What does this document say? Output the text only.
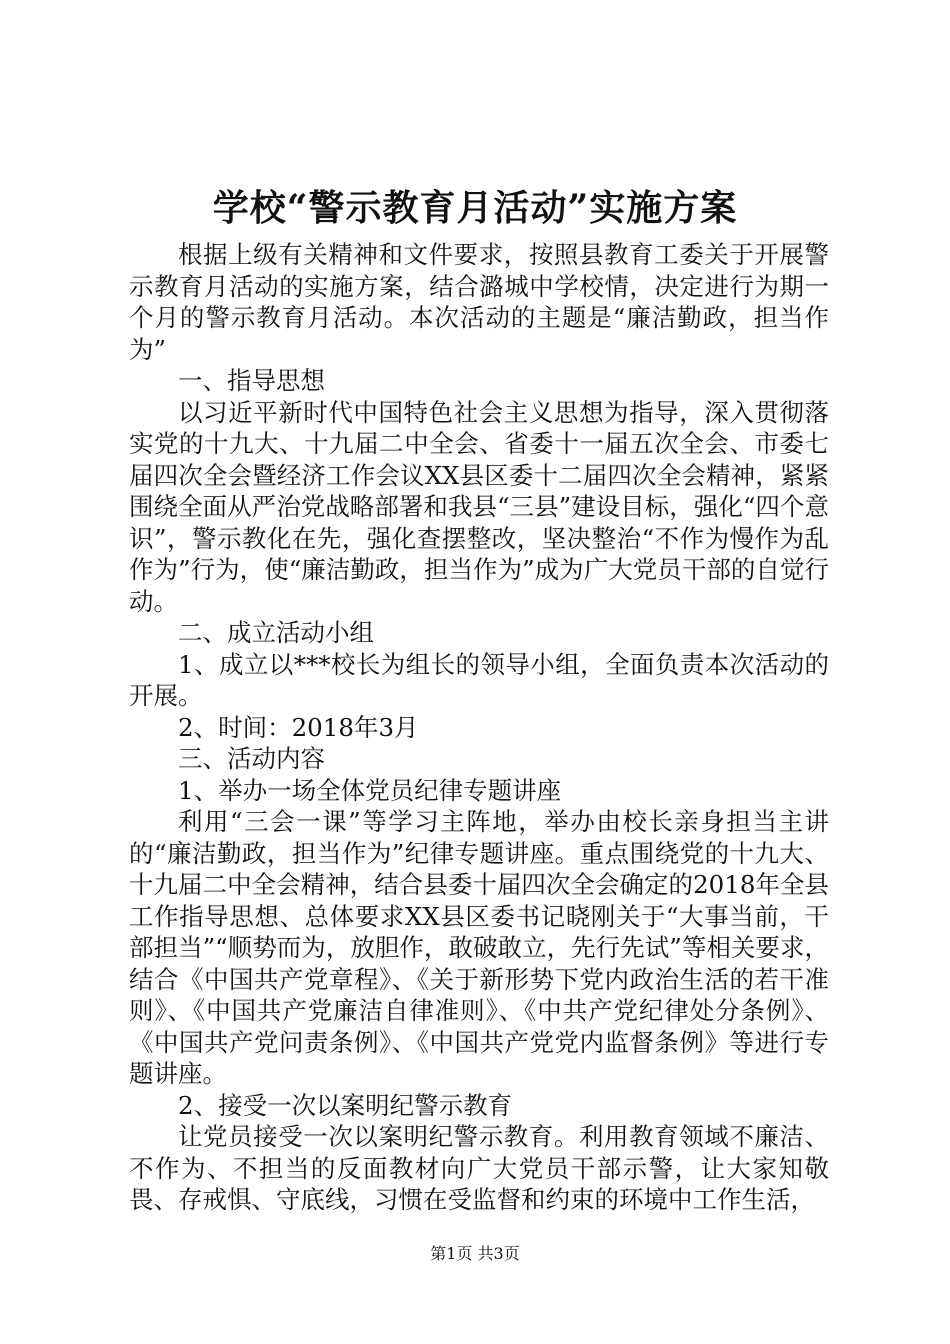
学校“警示教育月活动”实施方案

根据上级有关精神和文件要求，按照县教育工委关于开展警示教育月活动的实施方案，结合潞城中学校情，决定进行为期一个月的警示教育月活动。本次活动的主题是“廉洁勤政，担当作为”

一、指导思想

以习近平新时代中国特色社会主义思想为指导，深入贯彻落实党的十九大、十九届二中全会、省委十一届五次全会、市委七届四次全会暨经济工作会议XX县区委十二届四次全会精神，紧紧围绕全面从严治党战略部署和我县“三县”建设目标，强化“四个意识”，警示教化在先，强化查摆整改，坚决整治“不作为慢作为乱作为”行为，使“廉洁勤政，担当作为”成为广大党员干部的自觉行动。

二、成立活动小组

1、成立以***校长为组长的领导小组，全面负责本次活动的开展。

2、时间：2018年3月

三、活动内容

1、举办一场全体党员纪律专题讲座

利用“三会一课”等学习主阵地，举办由校长亲身担当主讲的“廉洁勤政，担当作为”纪律专题讲座。重点围绕党的十九大、十九届二中全会精神，结合县委十届四次全会确定的2018年全县工作指导思想、总体要求XX县区委书记晓刚关于“大事当前，干部担当”“顺势而为，放胆作，敢破敢立，先行先试”等相关要求，结合《中国共产党章程》、《关于新形势下党内政治生活的若干准则》、《中国共产党廉洁自律准则》、《中共产党纪律处分条例》、《中国共产党问责条例》、《中国共产党党内监督条例》等进行专题讲座。

2、接受一次以案明纪警示教育

让党员接受一次以案明纪警示教育。利用教育领域不廉洁、不作为、不担当的反面教材向广大党员干部示警，让大家知敬畏、存戒惧、守底线，习惯在受监督和约束的环境中工作生活，

第1页 共3页
